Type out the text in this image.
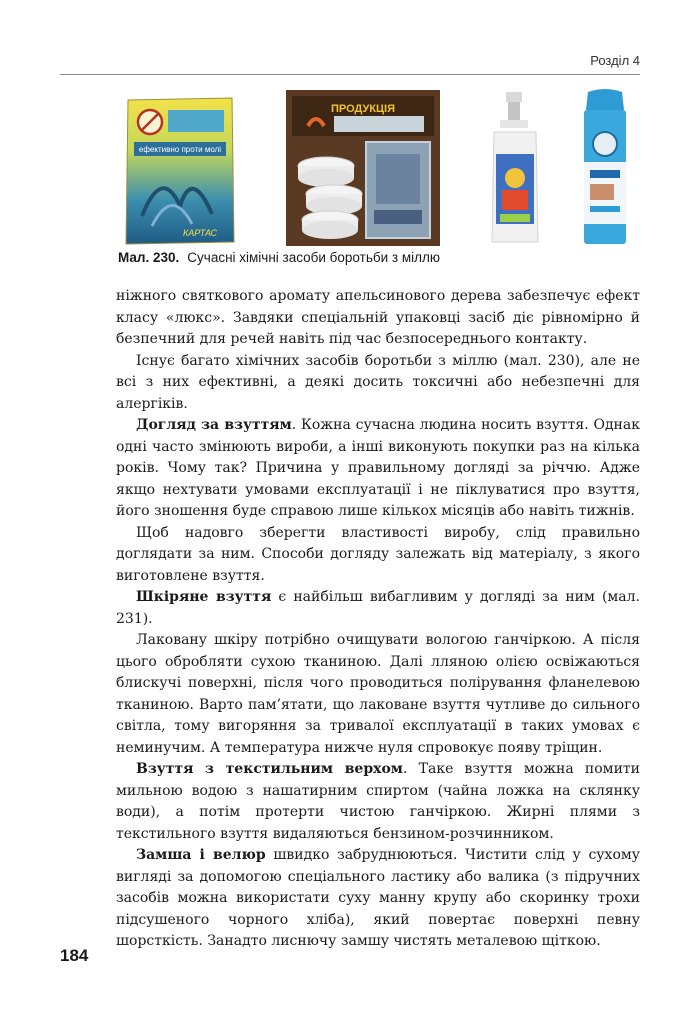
Розділ 4
ефективно проти молі
КАРТАС
ПРОДУКЦІЯ
Мал. 230. Сучасні хімічні засоби боротьби з міллю

ніжного святкового аромату апельсинового дерева забезпечує ефект класу «люкс». Завдяки спеціальній упаковці засіб діє рівномірно й безпечний для речей навіть під час безпосереднього контакту.

Існує багато хімічних засобів боротьби з міллю (мал. 230), але не всі з них ефективні, а деякі досить токсичні або небезпечні для алергіків.

Догляд за взуттям. Кожна сучасна людина носить взуття. Однак одні часто змінюють вироби, а інші виконують покупки раз на кілька років. Чому так? Причина у правильному догляді за річчю. Адже якщо нехтувати умовами експлуатації і не піклуватися про взуття, його зношення буде справою лише кількох місяців або навіть тижнів.

Щоб надовго зберегти властивості виробу, слід правильно доглядати за ним. Способи догляду залежать від матеріалу, з якого виготовлене взуття.

Шкіряне взуття є найбільш вибагливим у догляді за ним (мал. 231).

Лаковану шкіру потрібно очищувати вологою ганчіркою. А після цього обробляти сухою тканиною. Далі лляною олією освіжаються блискучі поверхні, після чого проводиться полірування фланелевою тканиною. Варто пам’ятати, що лаковане взуття чутливе до сильного світла, тому вигоряння за тривалої експлуатації в таких умовах є неминучим. А температура нижче нуля спровокує появу тріщин.

Взуття з текстильним верхом. Таке взуття можна помити мильною водою з нашатирним спиртом (чайна ложка на склянку води), а потім протерти чистою ганчіркою. Жирні плями з текстильного взуття видаляються бензином-розчинником.

Замша і велюр швидко забруднюються. Чистити слід у сухому вигляді за допомогою спеціального ластику або валика (з підручних засобів можна використати суху манну крупу або скоринку трохи підсушеного чорного хліба), який повертає поверхні певну шорсткість. Занадто лиснючу замшу чистять металевою щіткою.

184
